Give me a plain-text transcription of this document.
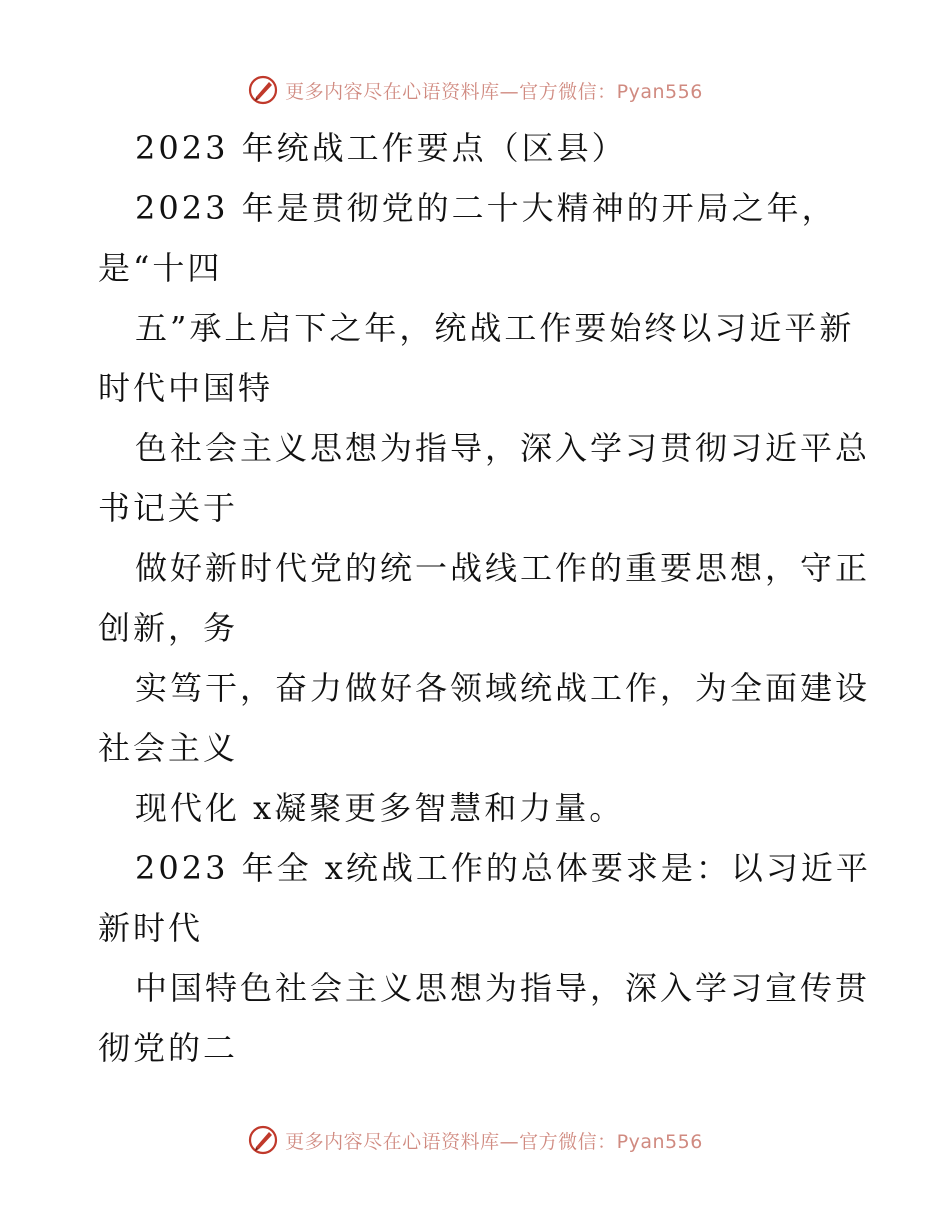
更多内容尽在心语资料库—官方微信：Pyan556

2023 年统战工作要点（区县）

2023 年是贯彻党的二十大精神的开局之年，

是“十四

五”承上启下之年，统战工作要始终以习近平新

时代中国特

色社会主义思想为指导，深入学习贯彻习近平总

书记关于

做好新时代党的统一战线工作的重要思想，守正

创新，务

实笃干，奋力做好各领域统战工作，为全面建设

社会主义

现代化 x凝聚更多智慧和力量。

2023 年全 x统战工作的总体要求是：以习近平

新时代

中国特色社会主义思想为指导，深入学习宣传贯

彻党的二

更多内容尽在心语资料库—官方微信：Pyan556
